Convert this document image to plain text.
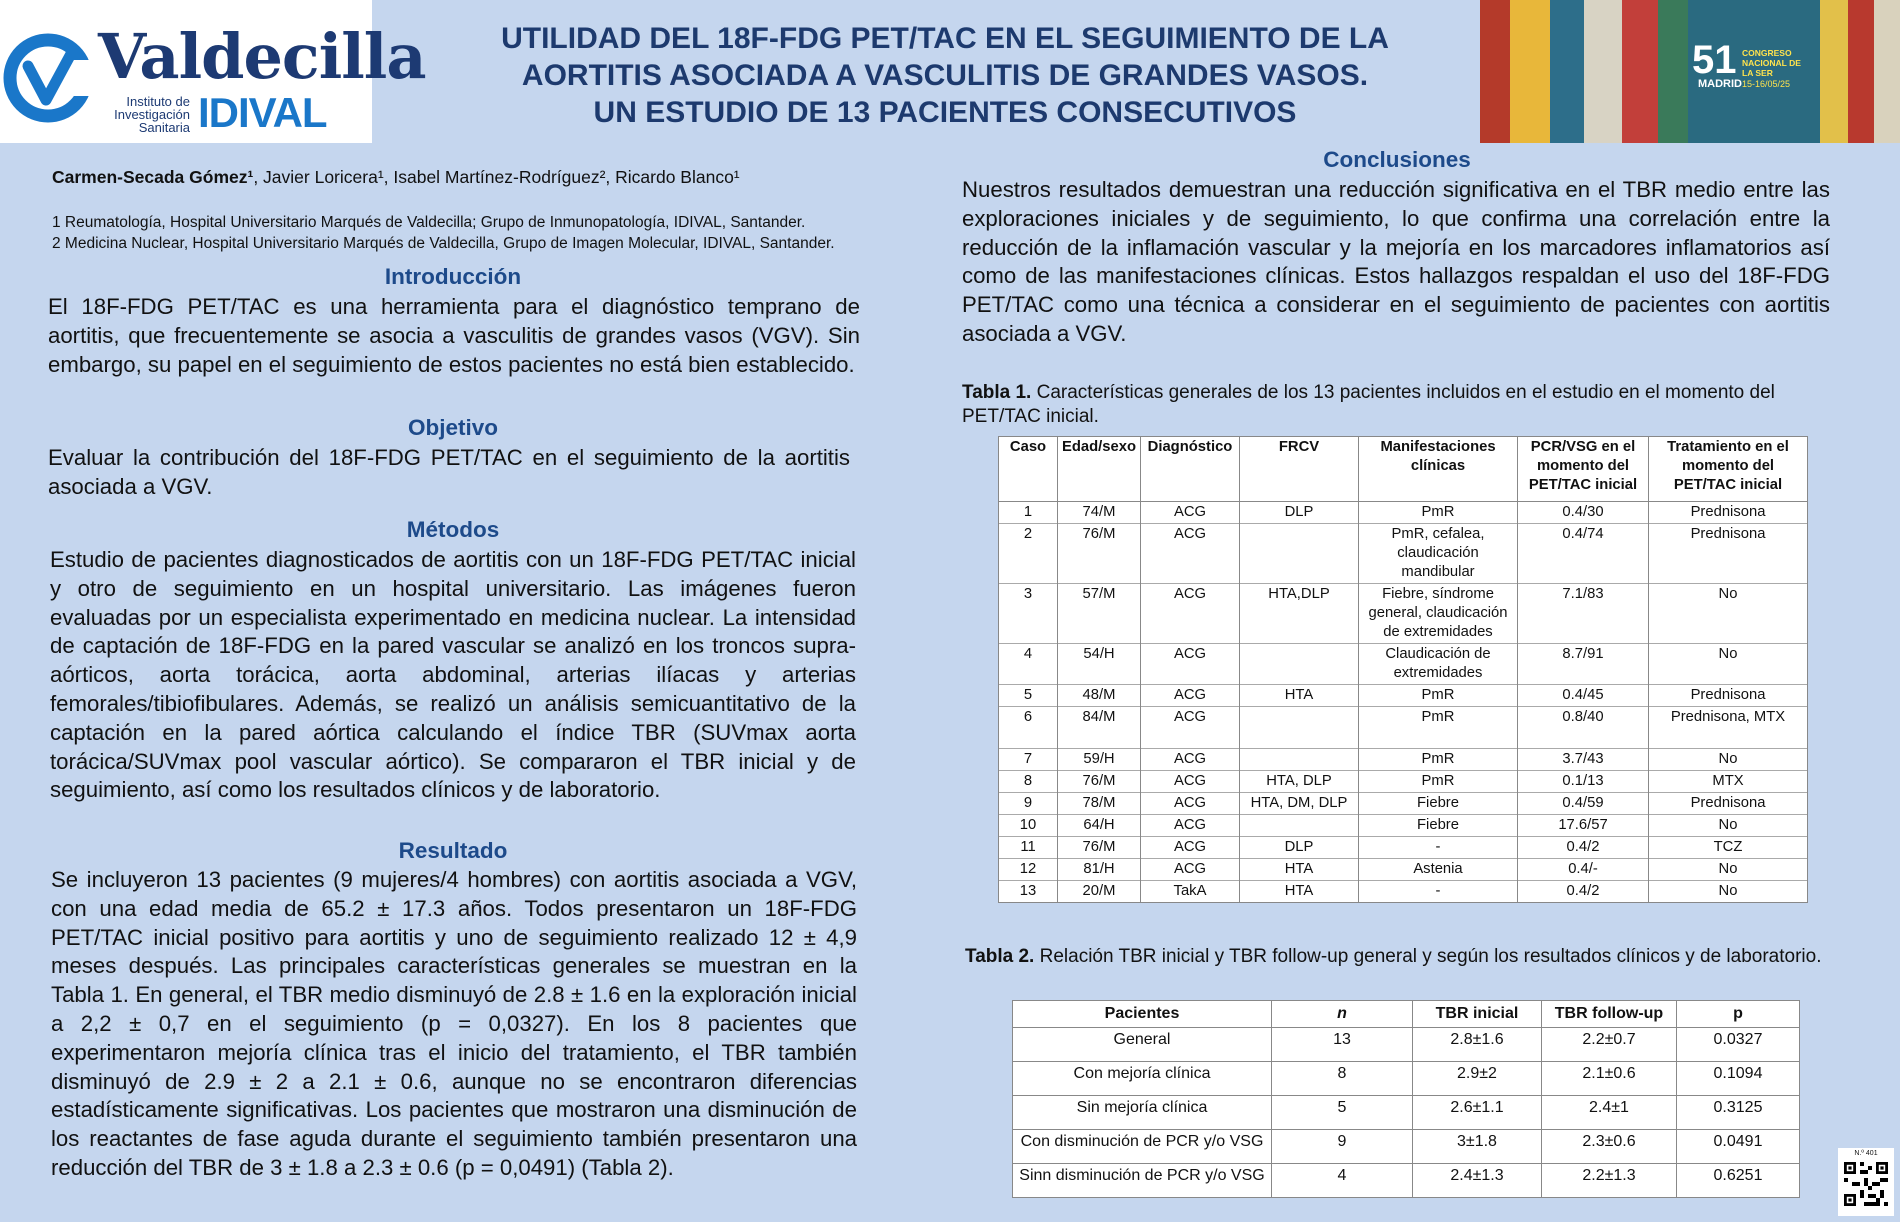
Valdecilla
Instituto de Investigación Sanitaria IDIVAL
UTILIDAD DEL 18F-FDG PET/TAC EN EL SEGUIMIENTO DE LA
AORTITIS ASOCIADA A VASCULITIS DE GRANDES VASOS.
UN ESTUDIO DE 13 PACIENTES CONSECUTIVOS
51
MADRID
CONGRESO NACIONAL DE LA SER
15-16/05/25
Carmen-Secada Gómez¹, Javier Loricera¹, Isabel Martínez-Rodríguez², Ricardo Blanco¹
1 Reumatología, Hospital Universitario Marqués de Valdecilla; Grupo de Inmunopatología, IDIVAL, Santander.
2 Medicina Nuclear, Hospital Universitario Marqués de Valdecilla, Grupo de Imagen Molecular, IDIVAL, Santander.
Introducción

El 18F-FDG PET/TAC es una herramienta para el diagnóstico temprano de aortitis, que frecuentemente se asocia a vasculitis de grandes vasos (VGV). Sin embargo, su papel en el seguimiento de estos pacientes no está bien establecido.

Objetivo

Evaluar la contribución del 18F-FDG PET/TAC en el seguimiento de la aortitis asociada a VGV.

Métodos

Estudio de pacientes diagnosticados de aortitis con un 18F-FDG PET/TAC inicial y otro de seguimiento en un hospital universitario. Las imágenes fueron evaluadas por un especialista experimentado en medicina nuclear. La intensidad de captación de 18F-FDG en la pared vascular se analizó en los troncos supra-aórticos, aorta torácica, aorta abdominal, arterias ilíacas y arterias femorales/tibiofibulares. Además, se realizó un análisis semicuantitativo de la captación en la pared aórtica calculando el índice TBR (SUVmax aorta torácica/SUVmax pool vascular aórtico). Se compararon el TBR inicial y de seguimiento, así como los resultados clínicos y de laboratorio.

Resultado

Se incluyeron 13 pacientes (9 mujeres/4 hombres) con aortitis asociada a VGV, con una edad media de 65.2 ± 17.3 años. Todos presentaron un 18F-FDG PET/TAC inicial positivo para aortitis y uno de seguimiento realizado 12 ± 4,9 meses después. Las principales características generales se muestran en la Tabla 1. En general, el TBR medio disminuyó de 2.8 ± 1.6 en la exploración inicial a 2,2 ± 0,7 en el seguimiento (p = 0,0327). En los 8 pacientes que experimentaron mejoría clínica tras el inicio del tratamiento, el TBR también disminuyó de 2.9 ± 2 a 2.1 ± 0.6, aunque no se encontraron diferencias estadísticamente significativas. Los pacientes que mostraron una disminución de los reactantes de fase aguda durante el seguimiento también presentaron una reducción del TBR de 3 ± 1.8 a 2.3 ± 0.6 (p = 0,0491) (Tabla 2).

Conclusiones

Nuestros resultados demuestran una reducción significativa en el TBR medio entre las exploraciones iniciales y de seguimiento, lo que confirma una correlación entre la reducción de la inflamación vascular y la mejoría en los marcadores inflamatorios así como de las manifestaciones clínicas. Estos hallazgos respaldan el uso del 18F-FDG PET/TAC como una técnica a considerar en el seguimiento de pacientes con aortitis asociada a VGV.

Tabla 1. Características generales de los 13 pacientes incluidos en el estudio en el momento del PET/TAC inicial.

Caso	Edad/sexo	Diagnóstico	FRCV	Manifestaciones clínicas	PCR/VSG en el momento del PET/TAC inicial	Tratamiento en el momento del PET/TAC inicial
1	74/M	ACG	DLP	PmR	0.4/30	Prednisona
2	76/M	ACG		PmR, cefalea, claudicación mandibular	0.4/74	Prednisona
3	57/M	ACG	HTA,DLP	Fiebre, síndrome general, claudicación de extremidades	7.1/83	No
4	54/H	ACG		Claudicación de extremidades	8.7/91	No
5	48/M	ACG	HTA	PmR	0.4/45	Prednisona
6	84/M	ACG		PmR	0.8/40	Prednisona, MTX
7	59/H	ACG		PmR	3.7/43	No
8	76/M	ACG	HTA, DLP	PmR	0.1/13	MTX
9	78/M	ACG	HTA, DM, DLP	Fiebre	0.4/59	Prednisona
10	64/H	ACG		Fiebre	17.6/57	No
11	76/M	ACG	DLP	-	0.4/2	TCZ
12	81/H	ACG	HTA	Astenia	0.4/-	No
13	20/M	TakA	HTA	-	0.4/2	No

Tabla 2. Relación TBR inicial y TBR follow-up general y según los resultados clínicos y de laboratorio.

Pacientes	n	TBR inicial	TBR follow-up	p
General	13	2.8±1.6	2.2±0.7	0.0327
Con mejoría clínica	8	2.9±2	2.1±0.6	0.1094
Sin mejoría clínica	5	2.6±1.1	2.4±1	0.3125
Con disminución de PCR y/o VSG	9	3±1.8	2.3±0.6	0.0491
Sinn disminución de PCR y/o VSG	4	2.4±1.3	2.2±1.3	0.6251
N.º 401
